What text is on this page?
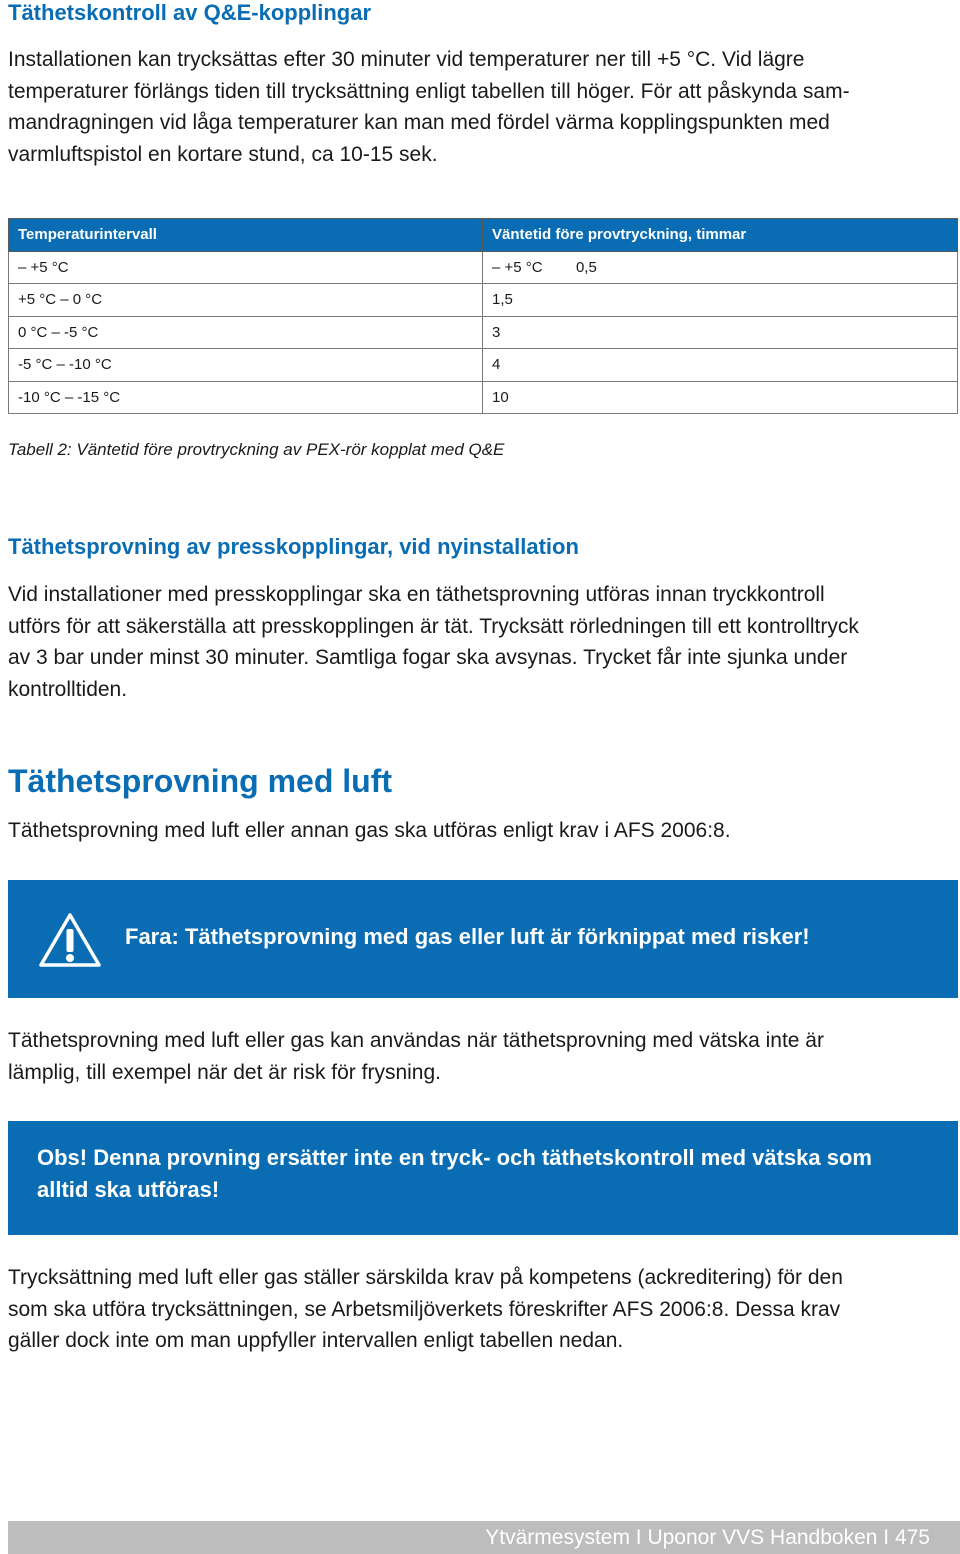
Täthetskontroll av Q&E-kopplingar

Installationen kan trycksättas efter 30 minuter vid temperaturer ner till +5 °C. Vid lägre

temperaturer förlängs tiden till trycksättning enligt tabellen till höger. För att påskynda sam-

mandragningen vid låga temperaturer kan man med fördel värma kopplingspunkten med

varmluftspistol en kortare stund, ca 10-15 sek.

Temperaturintervall	Väntetid före provtryckning, timmar
– +5 °C	– +5 °C        0,5
+5 °C – 0 °C	1,5
0 °C – -5 °C	3
-5 °C – -10 °C	4
-10 °C – -15 °C	10
Tabell 2: Väntetid före provtryckning av PEX-rör kopplat med Q&E
Täthetsprovning av presskopplingar, vid nyinstallation

Vid installationer med presskopplingar ska en täthetsprovning utföras innan tryckkontroll

utförs för att säkerställa att presskopplingen är tät. Trycksätt rörledningen till ett kontrolltryck

av 3 bar under minst 30 minuter. Samtliga fogar ska avsynas. Trycket får inte sjunka under

kontrolltiden.

Täthetsprovning med luft

Täthetsprovning med luft eller annan gas ska utföras enligt krav i AFS 2006:8.

Fara: Täthetsprovning med gas eller luft är förknippat med risker!

Täthetsprovning med luft eller gas kan användas när täthetsprovning med vätska inte är

lämplig, till exempel när det är risk för frysning.

Obs! Denna provning ersätter inte en tryck- och täthetskontroll med vätska som
alltid ska utföras!

Trycksättning med luft eller gas ställer särskilda krav på kompetens (ackreditering) för den

som ska utföra trycksättningen, se Arbetsmiljöverkets föreskrifter AFS 2006:8. Dessa krav

gäller dock inte om man uppfyller intervallen enligt tabellen nedan.

Ytvärmesystem I Uponor VVS Handboken I 475
